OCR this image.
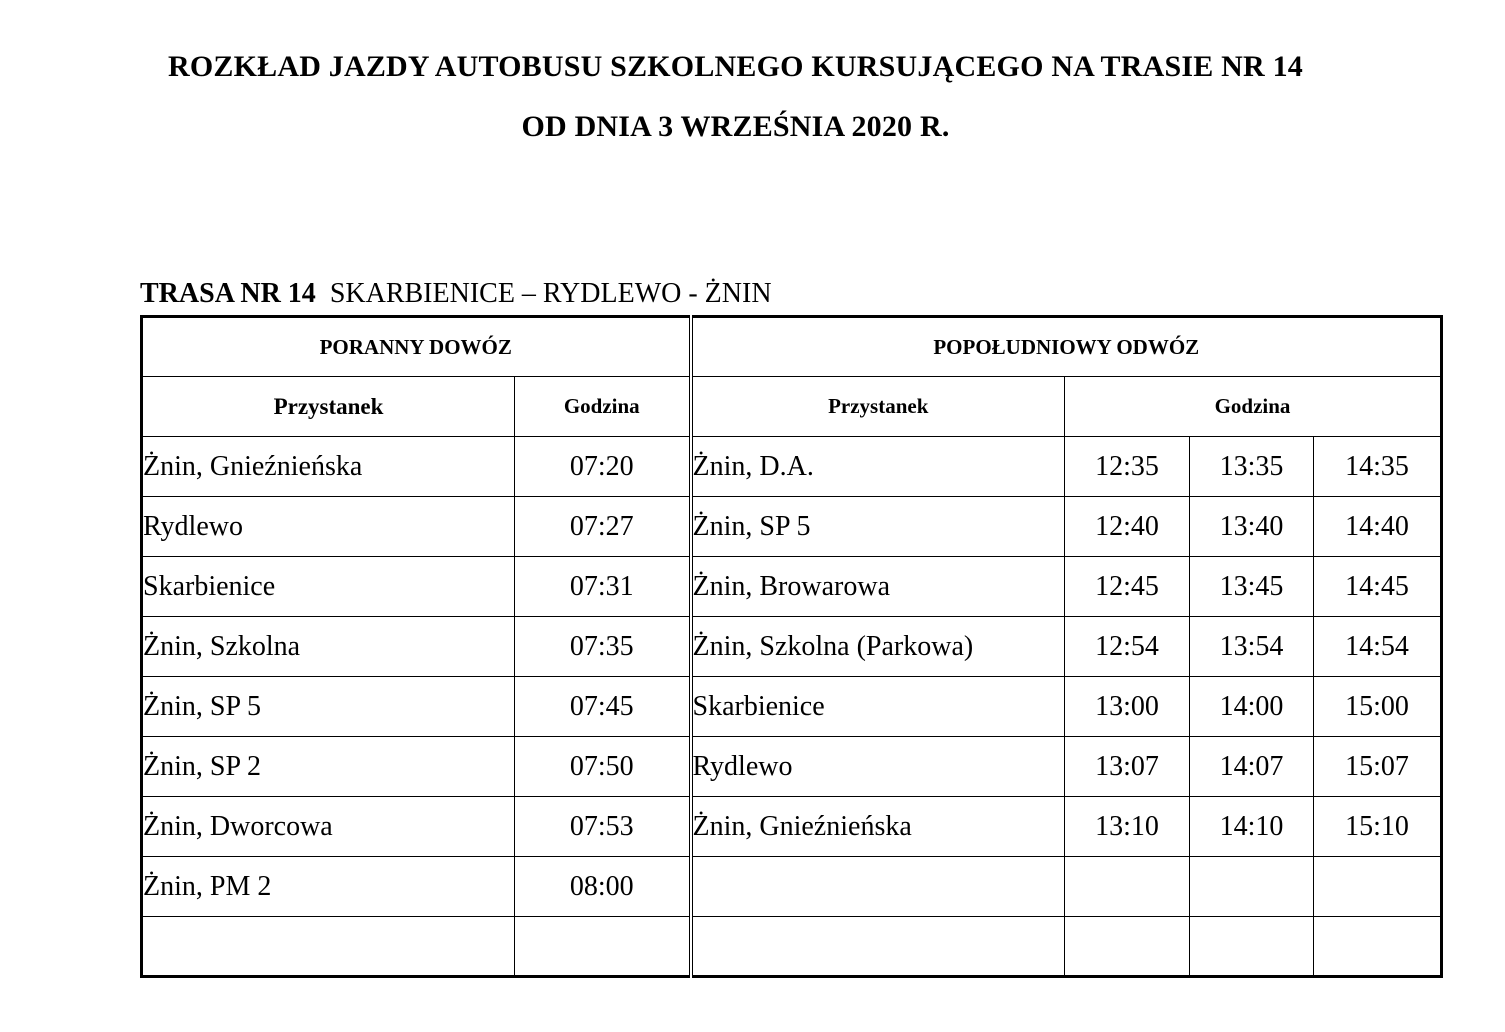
ROZKŁAD JAZDY AUTOBUSU SZKOLNEGO KURSUJĄCEGO NA TRASIE NR 14
OD DNIA 3 WRZEŚNIA 2020 R.
TRASA NR 14 SKARBIENICE – RYDLEWO - ŻNIN
PORANNY DOWÓZ		POPOŁUDNIOWY ODWÓZ			
Przystanek	Godzina	Przystanek	Godzina		
Żnin, Gnieźnieńska	07:20	Żnin, D.A.	12:35	13:35	14:35
Rydlewo	07:27	Żnin, SP 5	12:40	13:40	14:40
Skarbienice	07:31	Żnin, Browarowa	12:45	13:45	14:45
Żnin, Szkolna	07:35	Żnin, Szkolna (Parkowa)	12:54	13:54	14:54
Żnin, SP 5	07:45	Skarbienice	13:00	14:00	15:00
Żnin, SP 2	07:50	Rydlewo	13:07	14:07	15:07
Żnin, Dworcowa	07:53	Żnin, Gnieźnieńska	13:10	14:10	15:10
Żnin, PM 2	08:00				
